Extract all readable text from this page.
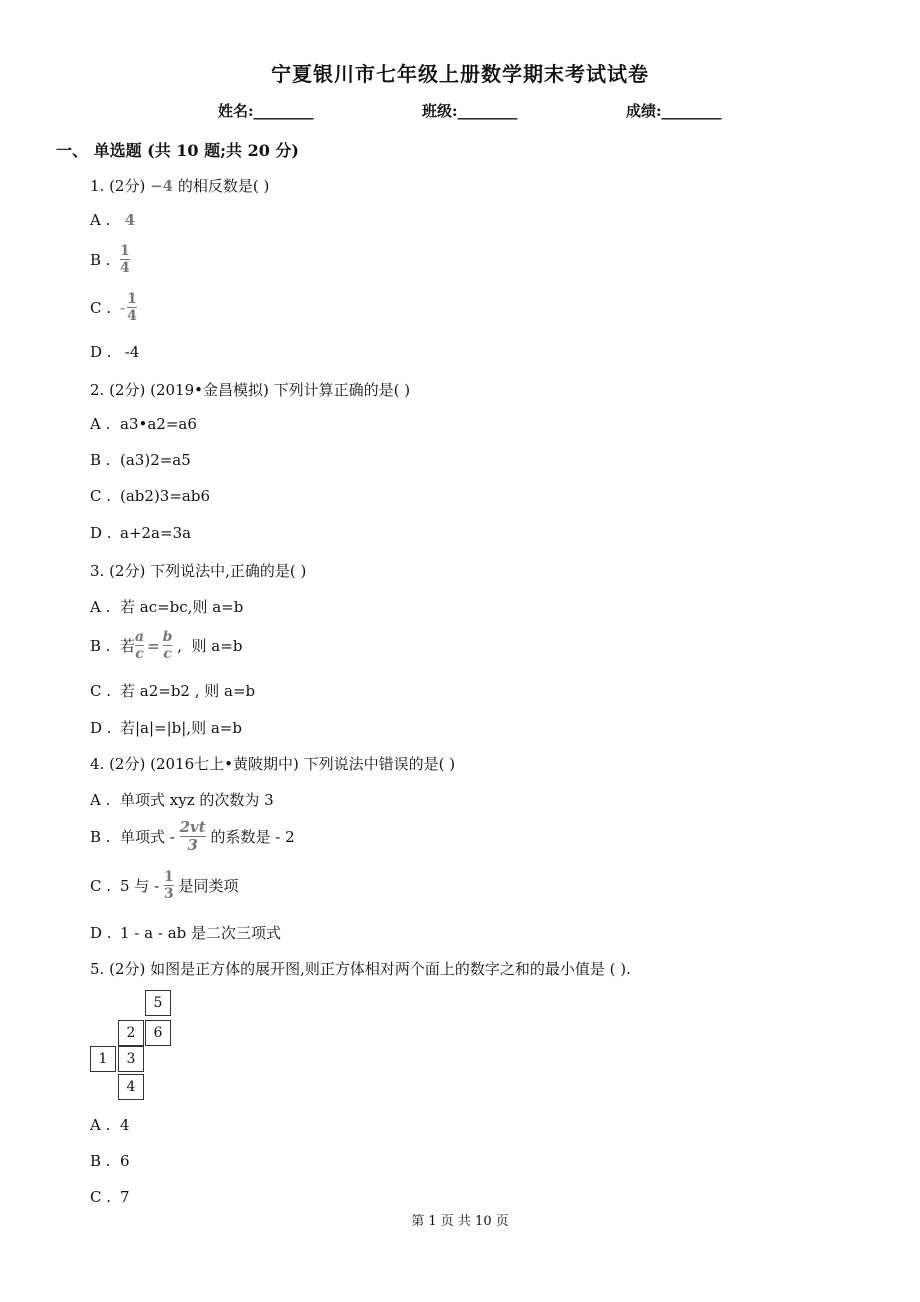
宁夏银川市七年级上册数学期末考试试卷
姓名:________	班级:________	成绩:________
一、 单选题 (共 10 题;共 20 分)
1. (2分) −4 的相反数是( )
A . 4
B . $\frac{1}{4}$
C . - $\frac{1}{4}$
D . -4
2. (2分) (2019•金昌模拟) 下列计算正确的是( )
A . a3•a2=a6
B . (a3)2=a5
C . (ab2)3=ab6
D . a+2a=3a
3. (2分) 下列说法中,正确的是( )
A . 若 ac=bc,则 a=b
B . 若 $\frac{a}{c} = \frac{b}{c}$ ,  则 a=b
C . 若 a2=b2 , 则 a=b
D . 若|a|=|b|,则 a=b
4. (2分) (2016七上•黄陂期中) 下列说法中错误的是( )
A . 单项式 xyz 的次数为 3
B . 单项式 - $\frac{2vt}{3}$ 的系数是 - 2
C . 5 与 - $\frac{1}{3}$ 是同类项
D . 1 - a - ab 是二次三项式
5. (2分) 如图是正方体的展开图,则正方体相对两个面上的数字之和的最小值是 ( ).
5
2	6
1	3
4
A . 4
B . 6
C . 7
第 1 页 共 10 页
